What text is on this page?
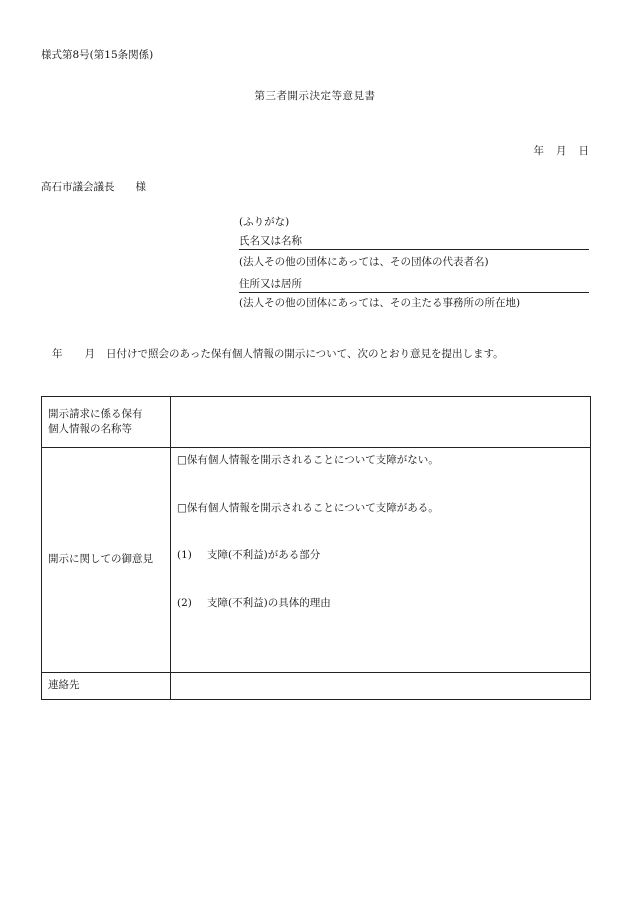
様式第8号(第15条関係)
第三者開示決定等意見書
年 月 日
高石市議会議長　　様
(ふりがな)
氏名又は名称
(法人その他の団体にあっては、その団体の代表者名)
住所又は居所
(法人その他の団体にあっては、その主たる事務所の所在地)
年 月 日付けで照会のあった保有個人情報の開示について、次のとおり意見を提出します。
開示請求に係る保有
個人情報の名称等	
開示に関しての御意見	□保有個人情報を開示されることについて支障がない。
□保有個人情報を開示されることについて支障がある。
(1) 支障(不利益)がある部分
(2) 支障(不利益)の具体的理由

連絡先	
